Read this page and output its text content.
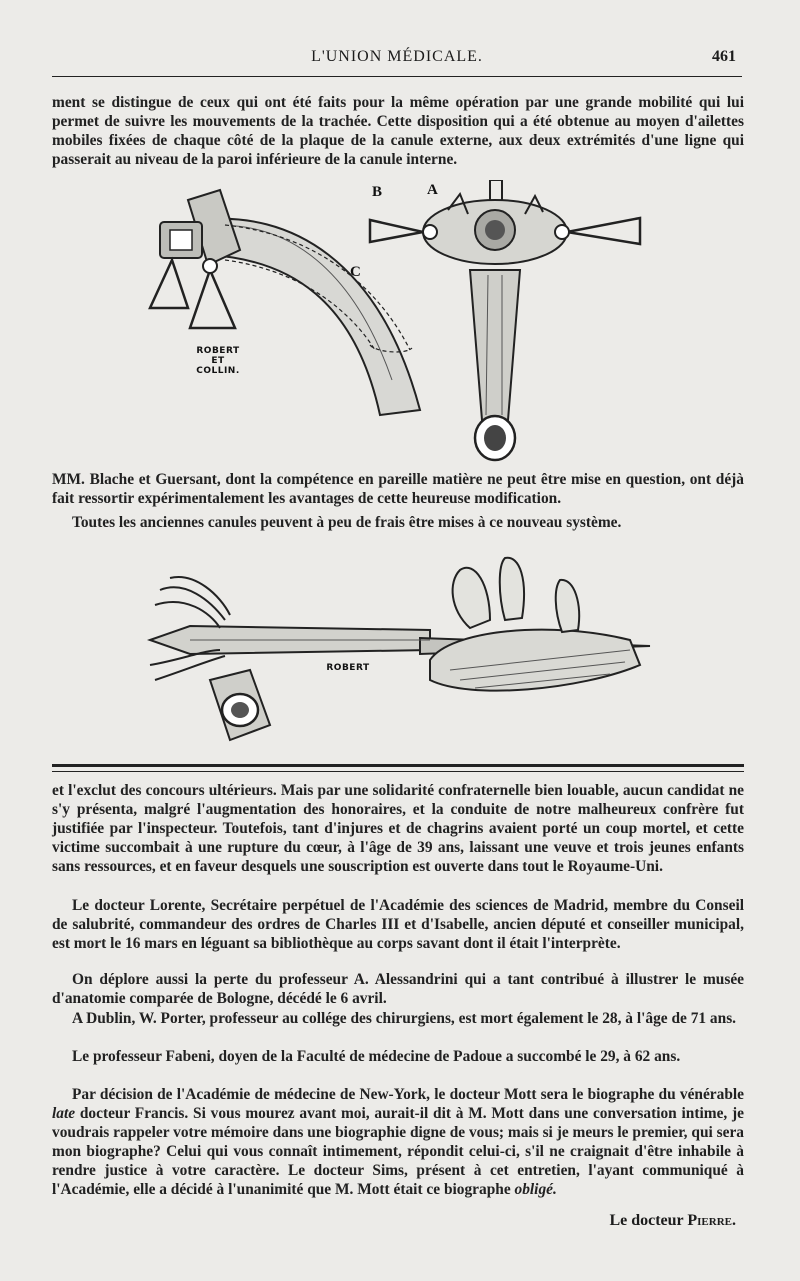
L'UNION MÉDICALE.	461

ment se distingue de ceux qui ont été faits pour la même opération par une grande mobilité qui lui permet de suivre les mouvements de la trachée. Cette disposition qui a été obtenue au moyen d'ailettes mobiles fixées de chaque côté de la plaque de la canule externe, aux deux extrémités d'une ligne qui passerait au niveau de la paroi inférieure de la canule interne.

ROBERT
ET
COLLIN.
B	A
C

MM. Blache et Guersant, dont la compétence en pareille matière ne peut être mise en question, ont déjà fait ressortir expérimentalement les avantages de cette heureuse modification.

Toutes les anciennes canules peuvent à peu de frais être mises à ce nouveau système.

ROBERT

et l'exclut des concours ultérieurs. Mais par une solidarité confraternelle bien louable, aucun candidat ne s'y présenta, malgré l'augmentation des honoraires, et la conduite de notre malheureux confrère fut justifiée par l'inspecteur. Toutefois, tant d'injures et de chagrins avaient porté un coup mortel, et cette victime succombait à une rupture du cœur, à l'âge de 39 ans, laissant une veuve et trois jeunes enfants sans ressources, et en faveur desquels une souscription est ouverte dans tout le Royaume-Uni.

Le docteur Lorente, Secrétaire perpétuel de l'Académie des sciences de Madrid, membre du Conseil de salubrité, commandeur des ordres de Charles III et d'Isabelle, ancien député et conseiller municipal, est mort le 16 mars en léguant sa bibliothèque au corps savant dont il était l'interprète.

On déplore aussi la perte du professeur A. Alessandrini qui a tant contribué à illustrer le musée d'anatomie comparée de Bologne, décédé le 6 avril.

A Dublin, W. Porter, professeur au collége des chirurgiens, est mort également le 28, à l'âge de 71 ans.

Le professeur Fabeni, doyen de la Faculté de médecine de Padoue a succombé le 29, à 62 ans.

Par décision de l'Académie de médecine de New-York, le docteur Mott sera le biographe du vénérable late docteur Francis. Si vous mourez avant moi, aurait-il dit à M. Mott dans une conversation intime, je voudrais rappeler votre mémoire dans une biographie digne de vous; mais si je meurs le premier, qui sera mon biographe? Celui qui vous connaît intimement, répondit celui-ci, s'il ne craignait d'être inhabile à rendre justice à votre caractère. Le docteur Sims, présent à cet entretien, l'ayant communiqué à l'Académie, elle a décidé à l'unanimité que M. Mott était ce biographe obligé.

Le docteur Pierre.
